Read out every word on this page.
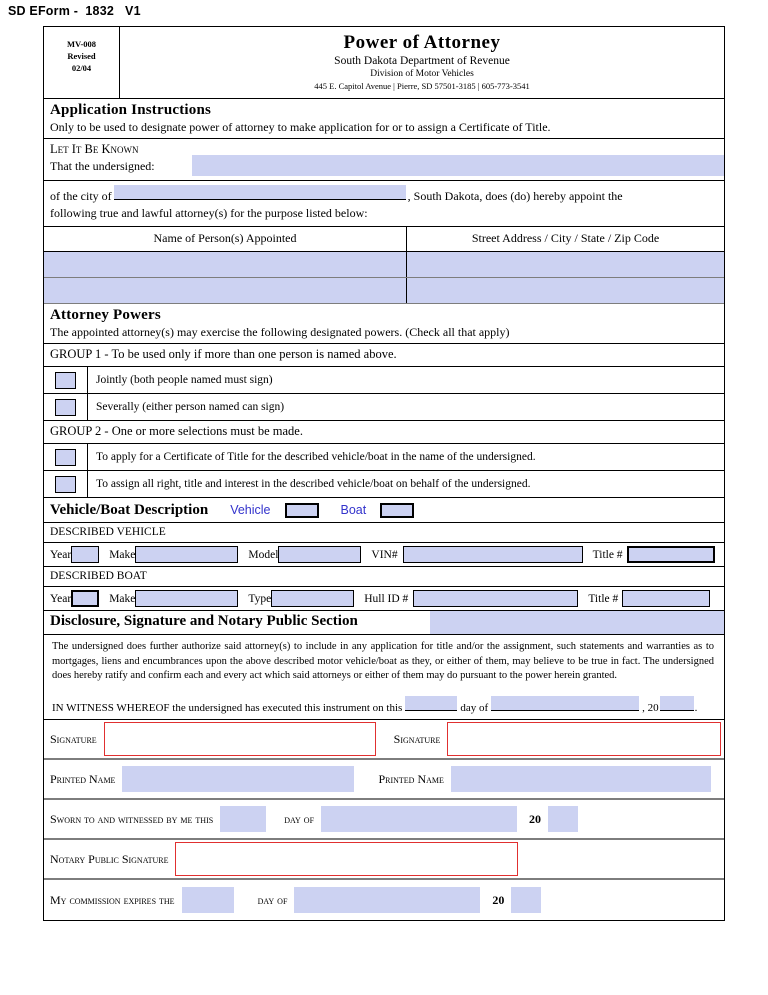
SD EForm -  1832   V1
MV-008
Revised
02/04
Power of Attorney
South Dakota Department of Revenue
Division of Motor Vehicles
445 E. Capitol Avenue | Pierre, SD 57501-3185 | 605-773-3541
Application Instructions
Only to be used to designate power of attorney to make application for or to assign a Certificate of Title.
Let It Be Known
That the undersigned:
of the city of	, South Dakota, does (do) hereby appoint the
following true and lawful attorney(s) for the purpose listed below:
Name of Person(s) Appointed	Street Address / City / State / Zip Code
Attorney Powers
The appointed attorney(s) may exercise the following designated powers. (Check all that apply)
GROUP 1 - To be used only if more than one person is named above.
Jointly (both people named must sign)
Severally (either person named can sign)
GROUP 2 - One or more selections must be made.
To apply for a Certificate of Title for the described vehicle/boat in the name of the undersigned.
To assign all right, title and interest in the described vehicle/boat on behalf of the undersigned.
Vehicle/Boat Description Vehicle	Boat
DESCRIBED VEHICLE
Year	Make	Model	VIN#	Title #
DESCRIBED BOAT
Year	Make	Type	Hull ID #	Title #
Disclosure, Signature and Notary Public Section
The undersigned does further authorize said attorney(s) to include in any application for title and/or the assignment, such statements and warranties as to mortgages, liens and encumbrances upon the above described motor vehicle/boat as they, or either of them, may believe to be true in fact. The undersigned does hereby ratify and confirm each and every act which said attorneys or either of them may do pursuant to the power herein granted.
IN WITNESS WHEREOF the undersigned has executed this instrument on this	day of	, 20	.
Signature	Signature
Printed Name	Printed Name
Sworn to and witnessed by me this	day of	20
Notary Public Signature
My commission expires the	day of	20
